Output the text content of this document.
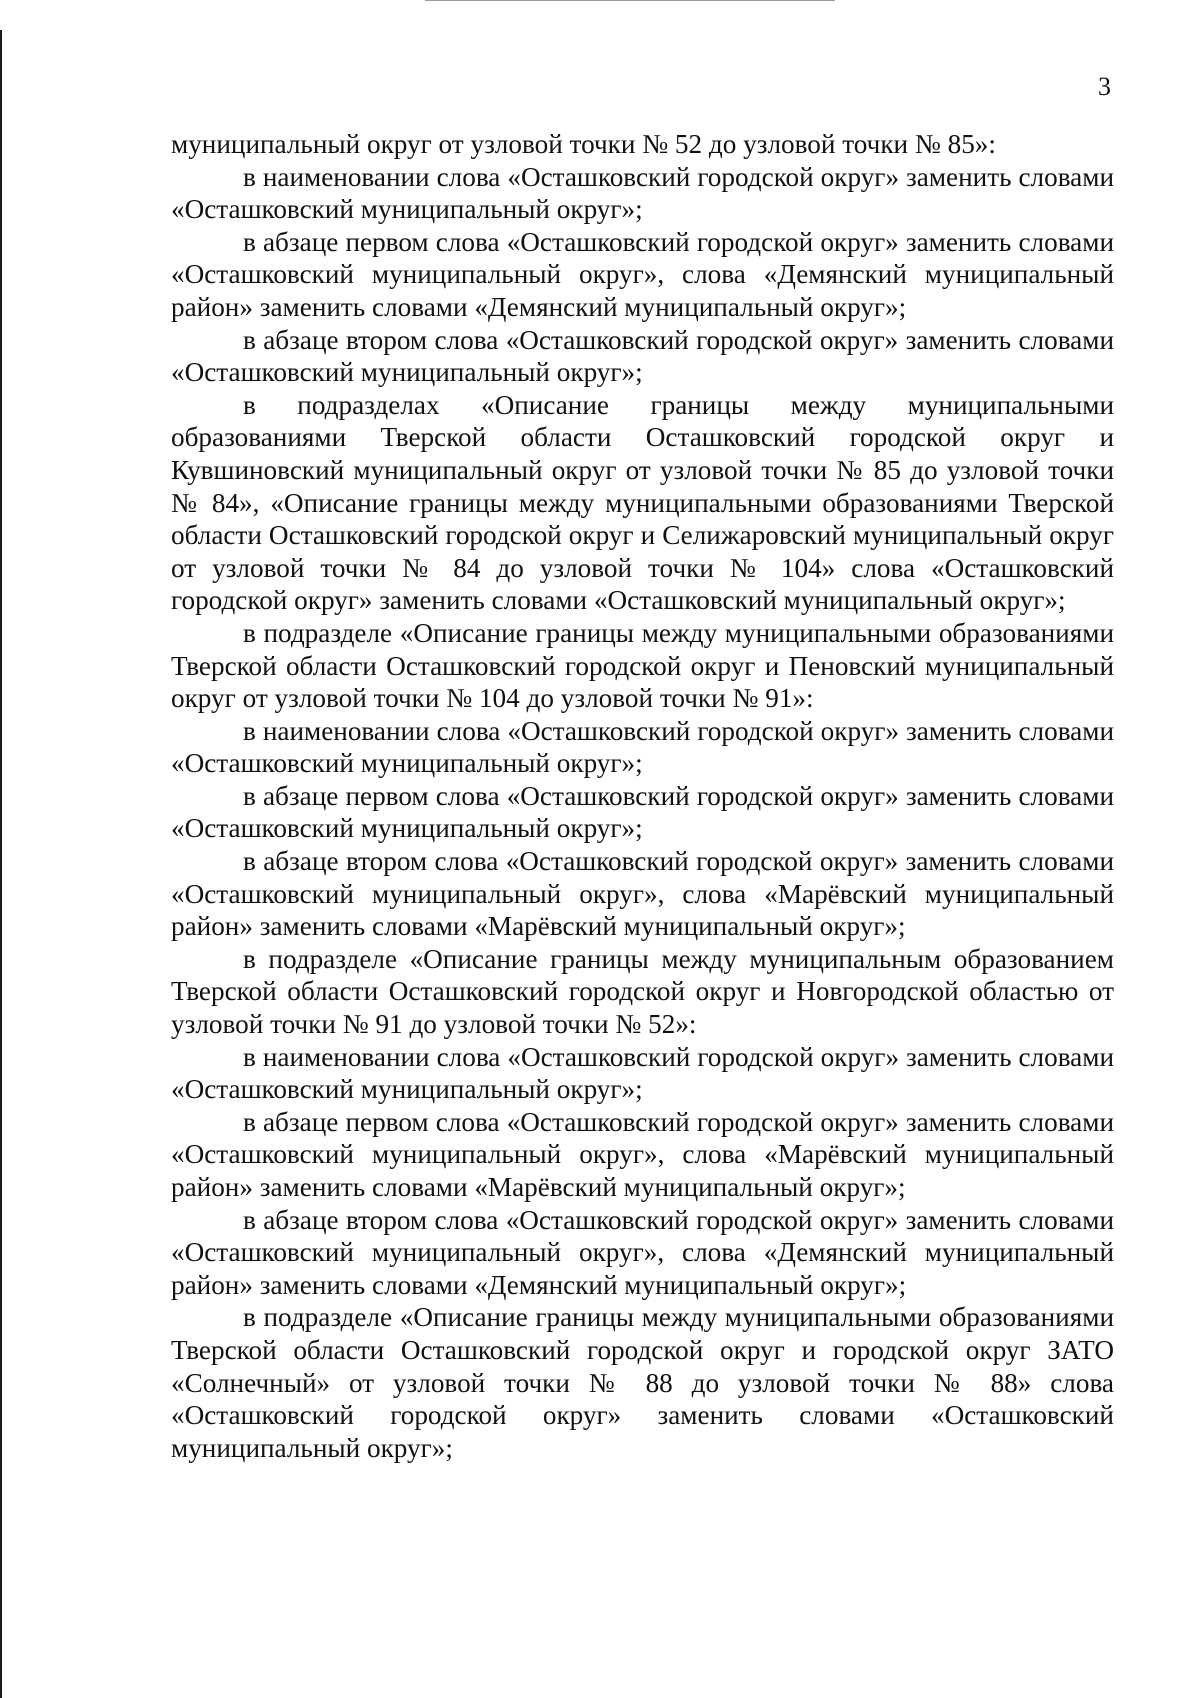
3

муниципальный округ от узловой точки № 52 до узловой точки № 85»:

в наименовании слова «Осташковский городской округ» заменить словами «Осташковский муниципальный округ»;

в абзаце первом слова «Осташковский городской округ» заменить словами «Осташковский муниципальный округ», слова «Демянский муниципальный район» заменить словами «Демянский муниципальный округ»;

в абзаце втором слова «Осташковский городской округ» заменить словами «Осташковский муниципальный округ»;

в подразделах «Описание границы между муниципальными образованиями Тверской области Осташковский городской округ и Кувшиновский муниципальный округ от узловой точки № 85 до узловой точки № 84», «Описание границы между муниципальными образованиями Тверской области Осташковский городской округ и Селижаровский муниципальный округ от узловой точки № 84 до узловой точки № 104» слова «Осташковский городской округ» заменить словами «Осташковский муниципальный округ»;

в подразделе «Описание границы между муниципальными образованиями Тверской области Осташковский городской округ и Пеновский муниципальный округ от узловой точки № 104 до узловой точки № 91»:

в наименовании слова «Осташковский городской округ» заменить словами «Осташковский муниципальный округ»;

в абзаце первом слова «Осташковский городской округ» заменить словами «Осташковский муниципальный округ»;

в абзаце втором слова «Осташковский городской округ» заменить словами «Осташковский муниципальный округ», слова «Марёвский муниципальный район» заменить словами «Марёвский муниципальный округ»;

в подразделе «Описание границы между муниципальным образованием Тверской области Осташковский городской округ и Новгородской областью от узловой точки № 91 до узловой точки № 52»:

в наименовании слова «Осташковский городской округ» заменить словами «Осташковский муниципальный округ»;

в абзаце первом слова «Осташковский городской округ» заменить словами «Осташковский муниципальный округ», слова «Марёвский муниципальный район» заменить словами «Марёвский муниципальный округ»;

в абзаце втором слова «Осташковский городской округ» заменить словами «Осташковский муниципальный округ», слова «Демянский муниципальный район» заменить словами «Демянский муниципальный округ»;

в подразделе «Описание границы между муниципальными образованиями Тверской области Осташковский городской округ и городской округ ЗАТО «Солнечный» от узловой точки № 88 до узловой точки № 88» слова «Осташковский городской округ» заменить словами «Осташковский муниципальный округ»;
